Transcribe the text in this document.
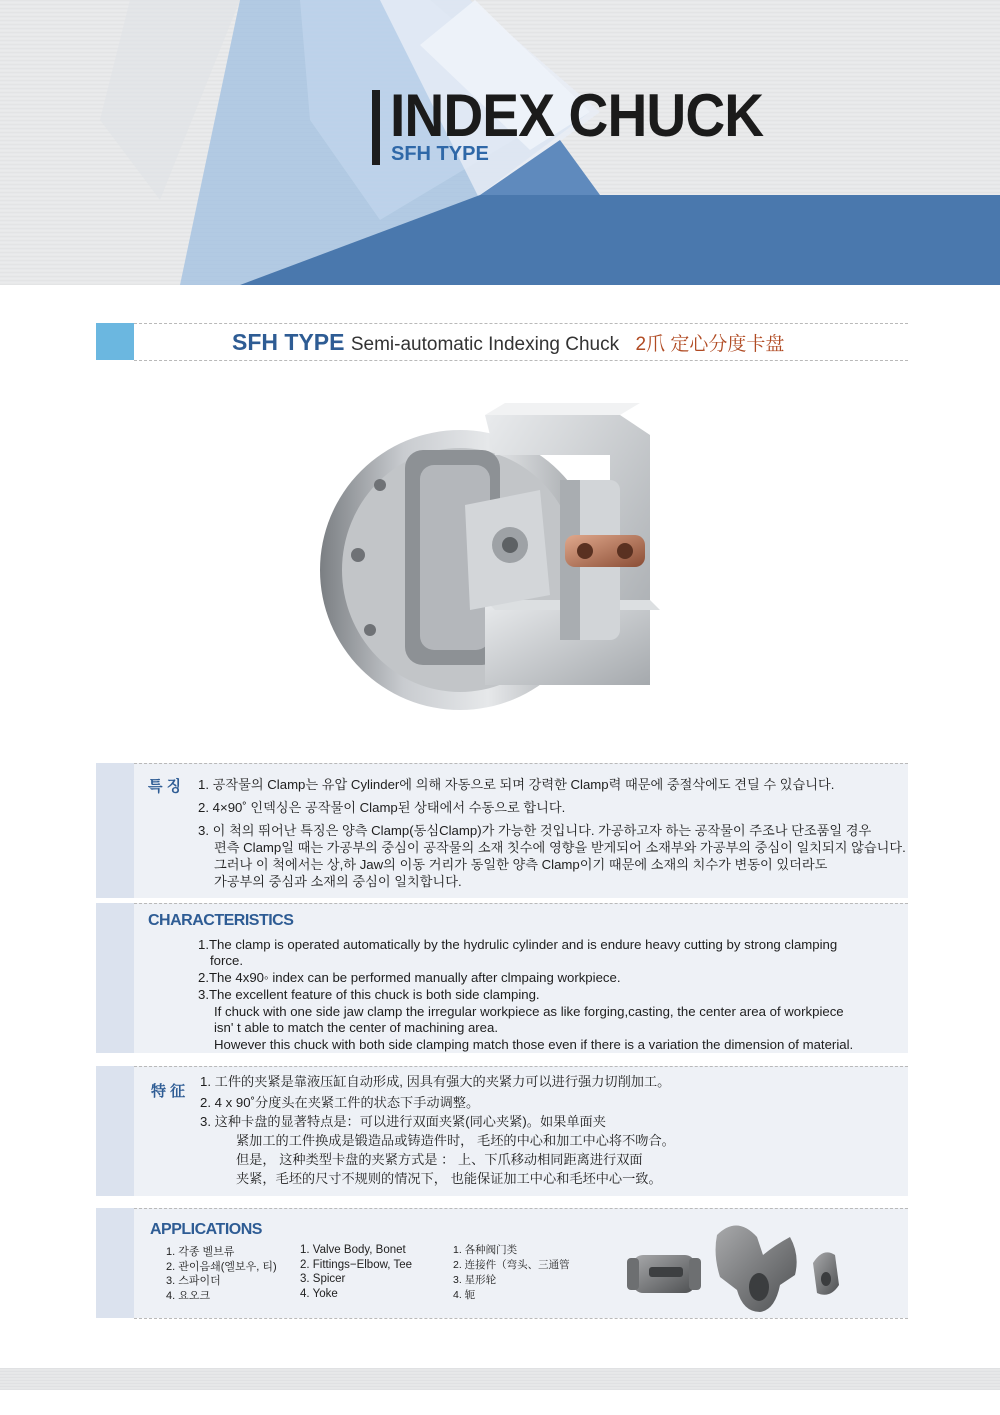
INDEX CHUCK
SFH TYPE
SFH TYPE Semi-automatic Indexing Chuck 2爪 定心分度卡盘
특 징 1. 공작물의 Clamp는 유압 Cylinder에 의해 자동으로 되며 강력한 Clamp력 때문에 중절삭에도 견딜 수 있습니다.
2. 4×90˚ 인덱싱은 공작물이 Clamp된 상태에서 수동으로 합니다.
3. 이 척의 뛰어난 특징은 양측 Clamp(동심Clamp)가 가능한 것입니다. 가공하고자 하는 공작물이 주조나 단조품일 경우
편측 Clamp일 때는 가공부의 중심이 공작물의 소재 칫수에 영향을 받게되어 소재부와 가공부의 중심이 일치되지 않습니다.
그러나 이 척에서는 상,하 Jaw의 이동 거리가 동일한 양측 Clamp이기 때문에 소재의 치수가 변동이 있더라도
가공부의 중심과 소재의 중심이 일치합니다.
CHARACTERISTICS
1.The clamp is operated automatically by the hydrulic cylinder and is endure heavy cutting by strong clamping
force.
2.The 4x90◦ index can be performed manually after clmpaing workpiece.
3.The excellent feature of this chuck is both side clamping.
If chuck with one side jaw clamp the irregular workpiece as like forging,casting, the center area of workpiece
isn' t able to match the center of machining area.
However this chuck with both side clamping match those even if there is a variation the dimension of material.
特 征
1. 工件的夹紧是靠液压缸自动形成, 因具有强大的夹紧力可以进行强力切削加工。
2. 4 x 90˚分度头在夹紧工件的状态下手动调整。
3. 这种卡盘的显著特点是：可以进行双面夹紧(同心夹紧)。如果单面夹
紧加工的工件换成是锻造品或铸造件时， 毛坯的中心和加工中心将不吻合。
但是， 这种类型卡盘的夹紧方式是 ： 上、下爪移动相同距离进行双面
夹紧，毛坯的尺寸不规则的情况下， 也能保证加工中心和毛坯中心一致。
APPLICATIONS
1. 각종 벨브류
2. 관이음쇄(엘보우, 티)
3. 스파이더
4. 요오크
1. Valve Body, Bonet
2. Fittings−Elbow, Tee
3. Spicer
4. Yoke
1. 各种阀门类
2. 连接件（弯头、三通管
3. 星形轮
4. 轭
